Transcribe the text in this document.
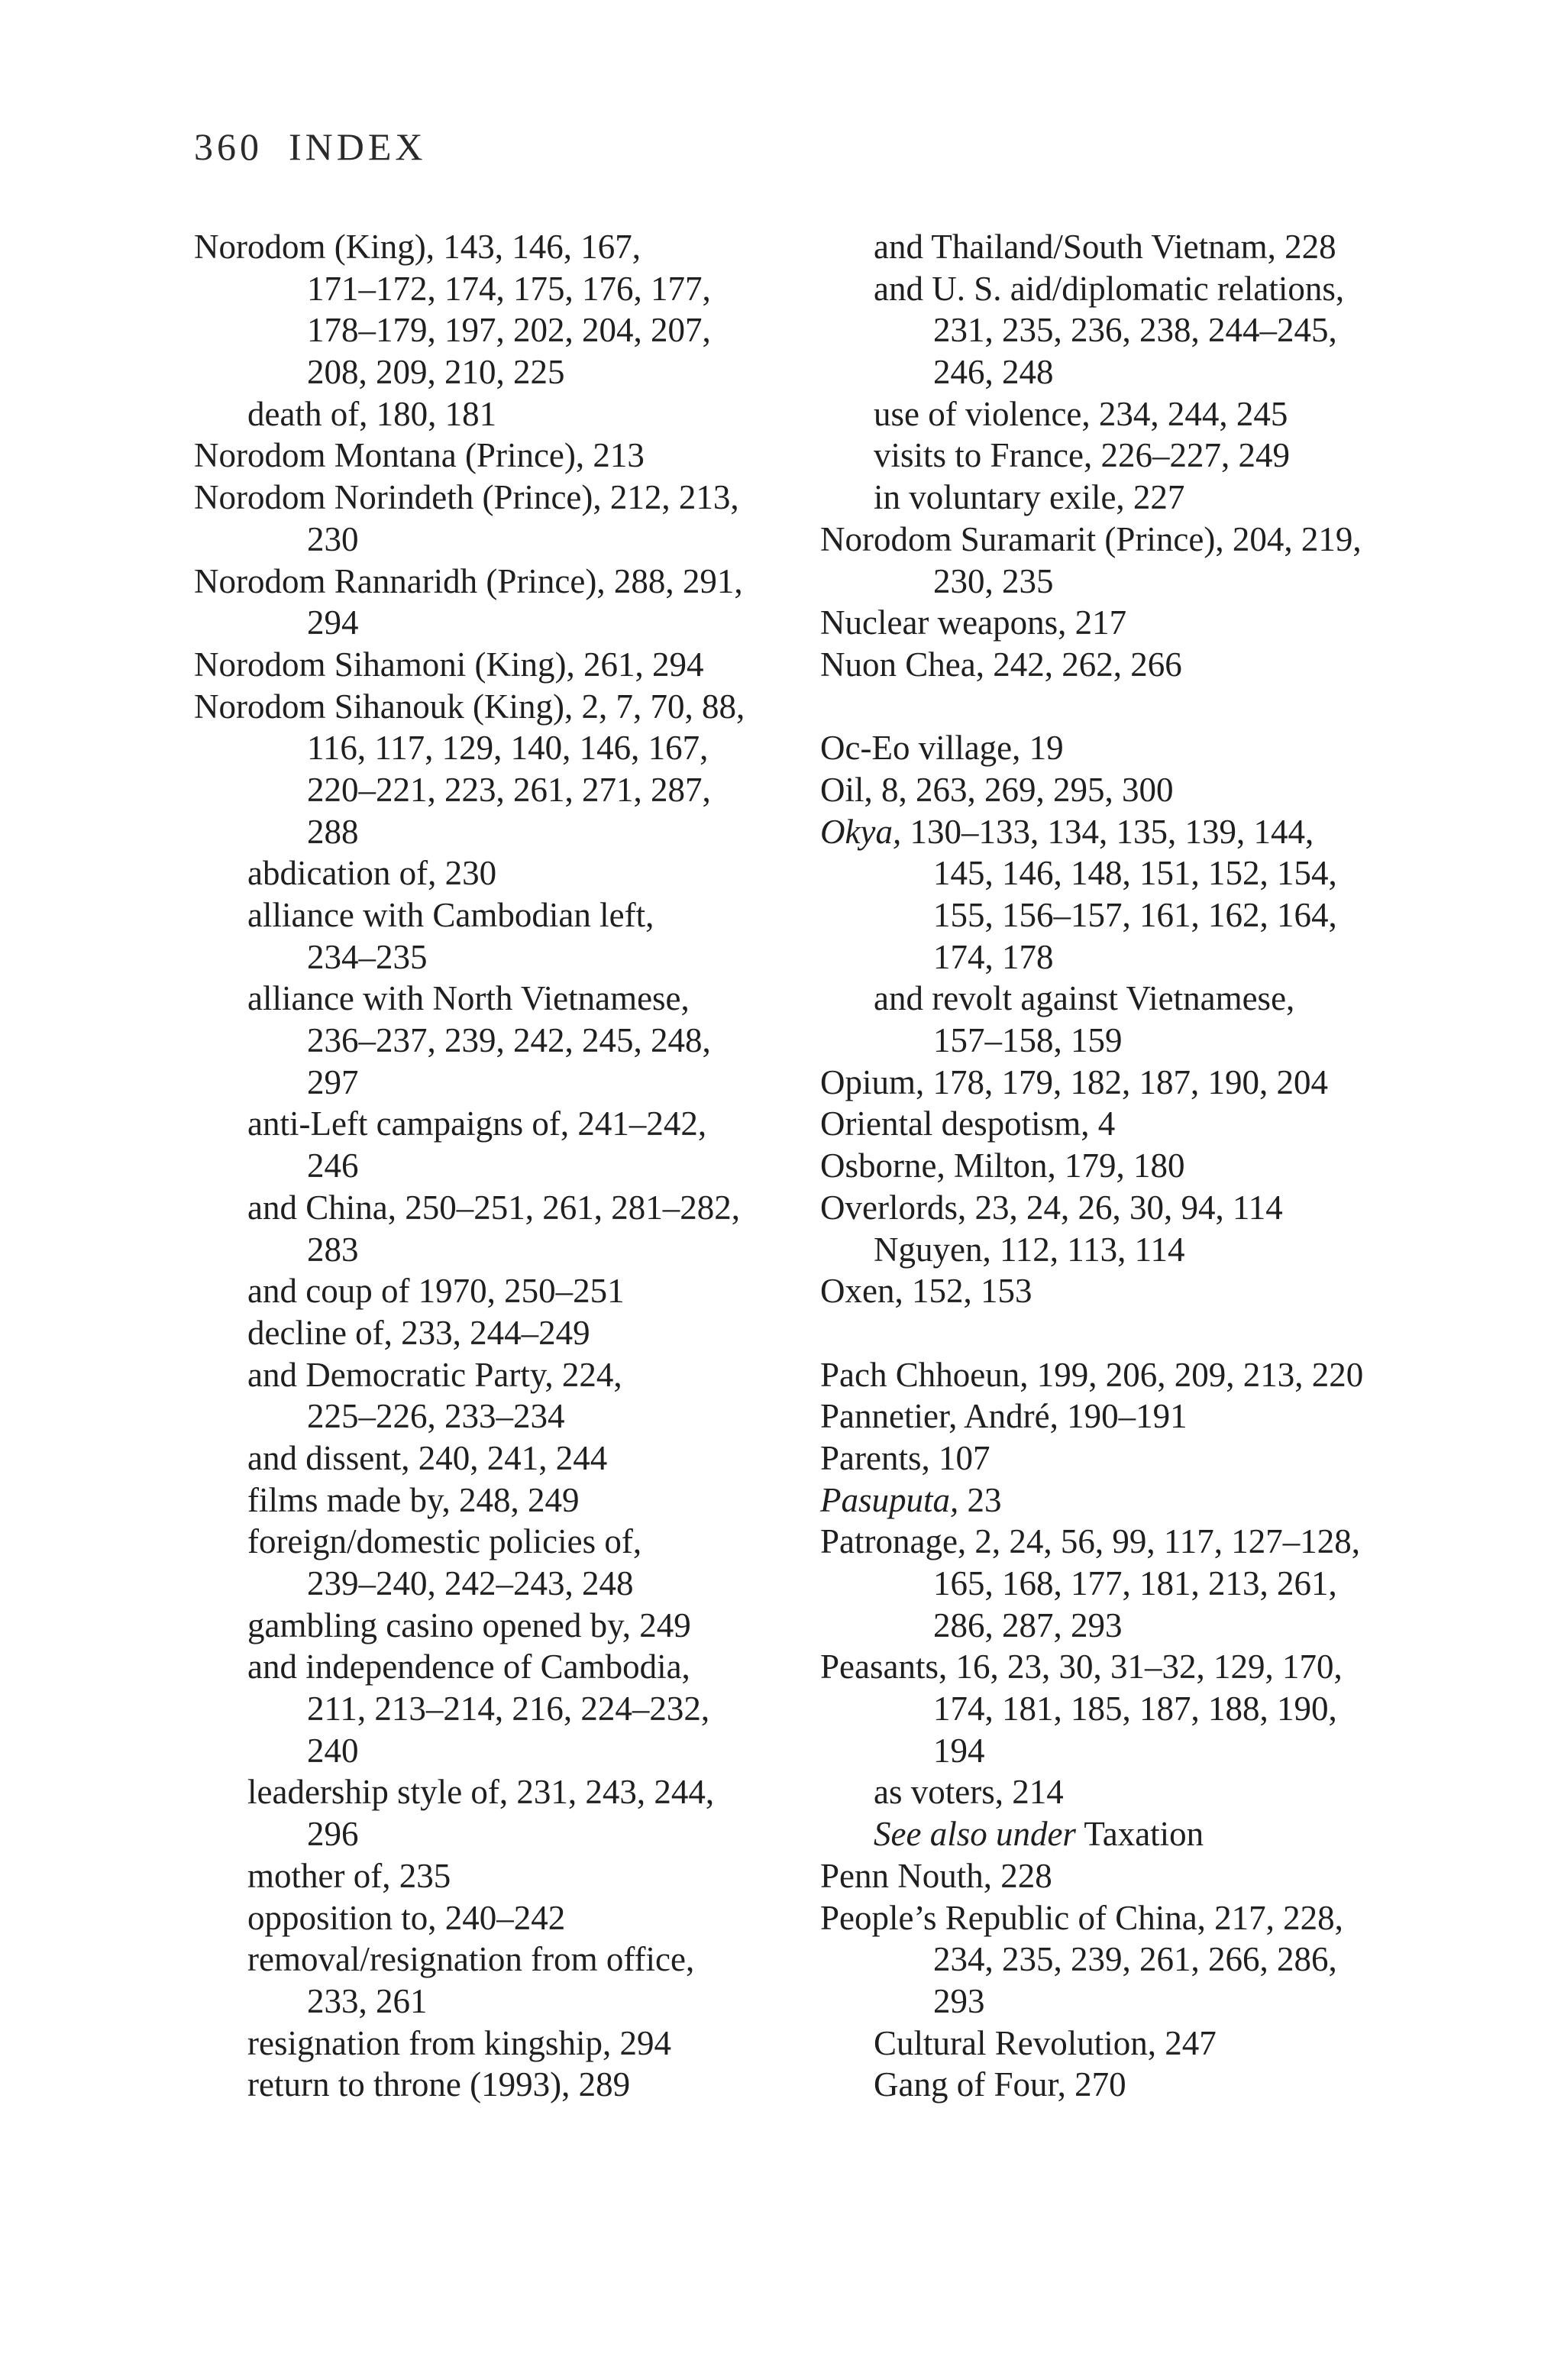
360 INDEX
Norodom (King), 143, 146, 167,
171–172, 174, 175, 176, 177,
178–179, 197, 202, 204, 207,
208, 209, 210, 225
death of, 180, 181
Norodom Montana (Prince), 213
Norodom Norindeth (Prince), 212, 213,
230
Norodom Rannaridh (Prince), 288, 291,
294
Norodom Sihamoni (King), 261, 294
Norodom Sihanouk (King), 2, 7, 70, 88,
116, 117, 129, 140, 146, 167,
220–221, 223, 261, 271, 287,
288
abdication of, 230
alliance with Cambodian left,
234–235
alliance with North Vietnamese,
236–237, 239, 242, 245, 248,
297
anti-Left campaigns of, 241–242,
246
and China, 250–251, 261, 281–282,
283
and coup of 1970, 250–251
decline of, 233, 244–249
and Democratic Party, 224,
225–226, 233–234
and dissent, 240, 241, 244
films made by, 248, 249
foreign/domestic policies of,
239–240, 242–243, 248
gambling casino opened by, 249
and independence of Cambodia,
211, 213–214, 216, 224–232,
240
leadership style of, 231, 243, 244,
296
mother of, 235
opposition to, 240–242
removal/resignation from office,
233, 261
resignation from kingship, 294
return to throne (1993), 289
and Thailand/South Vietnam, 228
and U. S. aid/diplomatic relations,
231, 235, 236, 238, 244–245,
246, 248
use of violence, 234, 244, 245
visits to France, 226–227, 249
in voluntary exile, 227
Norodom Suramarit (Prince), 204, 219,
230, 235
Nuclear weapons, 217
Nuon Chea, 242, 262, 266
Oc-Eo village, 19
Oil, 8, 263, 269, 295, 300
Okya, 130–133, 134, 135, 139, 144,
145, 146, 148, 151, 152, 154,
155, 156–157, 161, 162, 164,
174, 178
and revolt against Vietnamese,
157–158, 159
Opium, 178, 179, 182, 187, 190, 204
Oriental despotism, 4
Osborne, Milton, 179, 180
Overlords, 23, 24, 26, 30, 94, 114
Nguyen, 112, 113, 114
Oxen, 152, 153
Pach Chhoeun, 199, 206, 209, 213, 220
Pannetier, André, 190–191
Parents, 107
Pasuputa, 23
Patronage, 2, 24, 56, 99, 117, 127–128,
165, 168, 177, 181, 213, 261,
286, 287, 293
Peasants, 16, 23, 30, 31–32, 129, 170,
174, 181, 185, 187, 188, 190,
194
as voters, 214
See also under Taxation
Penn Nouth, 228
People’s Republic of China, 217, 228,
234, 235, 239, 261, 266, 286,
293
Cultural Revolution, 247
Gang of Four, 270
